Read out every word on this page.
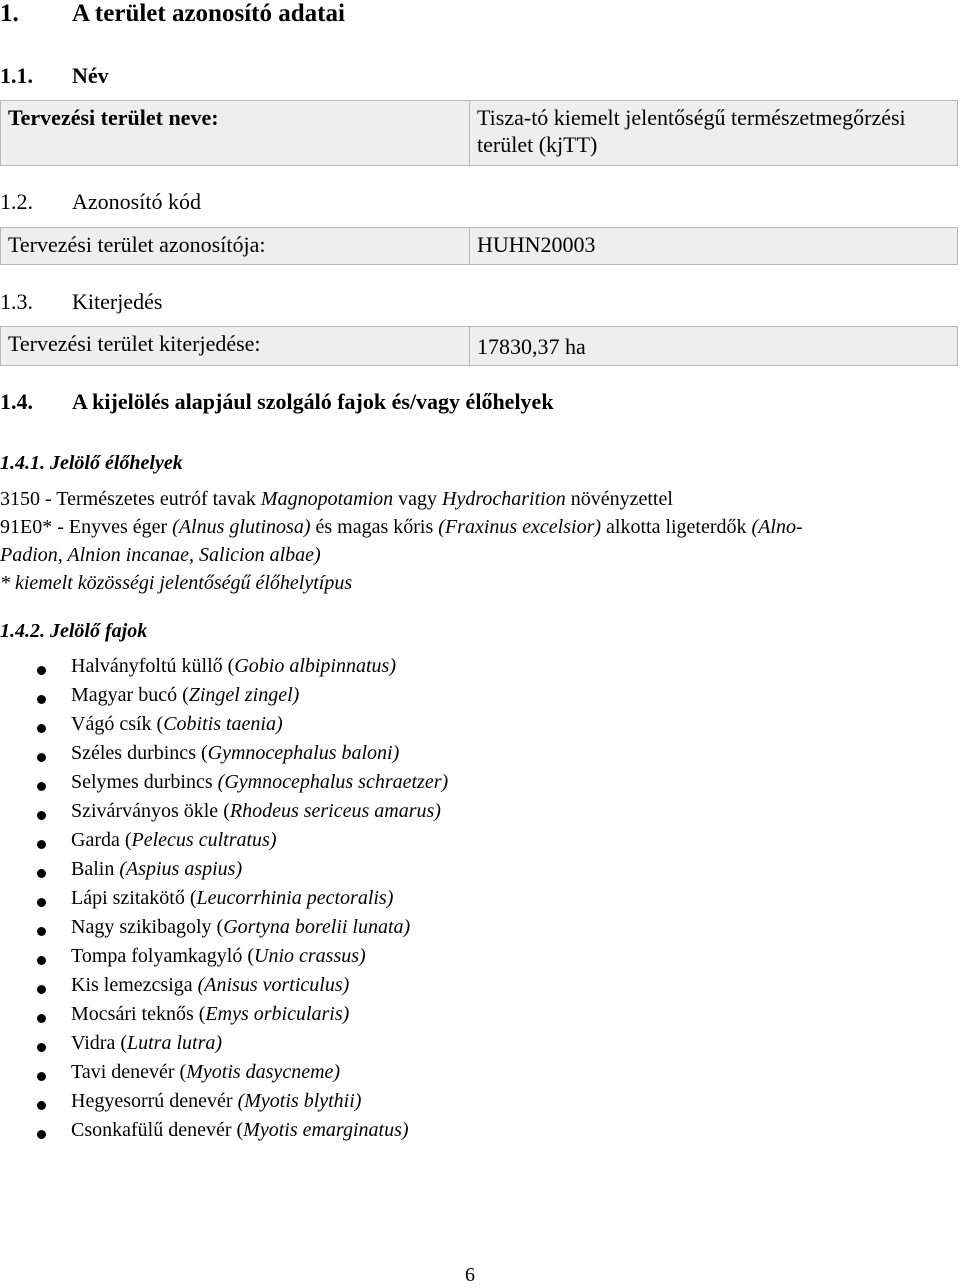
1. A terület azonosító adatai
1.1. Név
Tervezési terület neve:	Tisza-tó kiemelt jelentőségű természetmegőrzési
terület (kjTT)
1.2. Azonosító kód
Tervezési terület azonosítója:	HUHN20003
1.3. Kiterjedés
Tervezési terület kiterjedése:	17830,37 ha
1.4. A kijelölés alapjául szolgáló fajok és/vagy élőhelyek
1.4.1. Jelölő élőhelyek
3150 - Természetes eutróf tavak Magnopotamion vagy Hydrocharition növényzettel
91E0* - Enyves éger (Alnus glutinosa) és magas kőris (Fraxinus excelsior) alkotta ligeterdők (Alno-
Padion, Alnion incanae, Salicion albae)
* kiemelt közösségi jelentőségű élőhelytípus
1.4.2. Jelölő fajok
Halványfoltú küllő (Gobio albipinnatus)
Magyar bucó (Zingel zingel)
Vágó csík (Cobitis taenia)
Széles durbincs (Gymnocephalus baloni)
Selymes durbincs (Gymnocephalus schraetzer)
Szivárványos ökle (Rhodeus sericeus amarus)
Garda (Pelecus cultratus)
Balin (Aspius aspius)
Lápi szitakötő (Leucorrhinia pectoralis)
Nagy szikibagoly (Gortyna borelii lunata)
Tompa folyamkagyló (Unio crassus)
Kis lemezcsiga (Anisus vorticulus)
Mocsári teknős (Emys orbicularis)
Vidra (Lutra lutra)
Tavi denevér (Myotis dasycneme)
Hegyesorrú denevér (Myotis blythii)
Csonkafülű denevér (Myotis emarginatus)
6
